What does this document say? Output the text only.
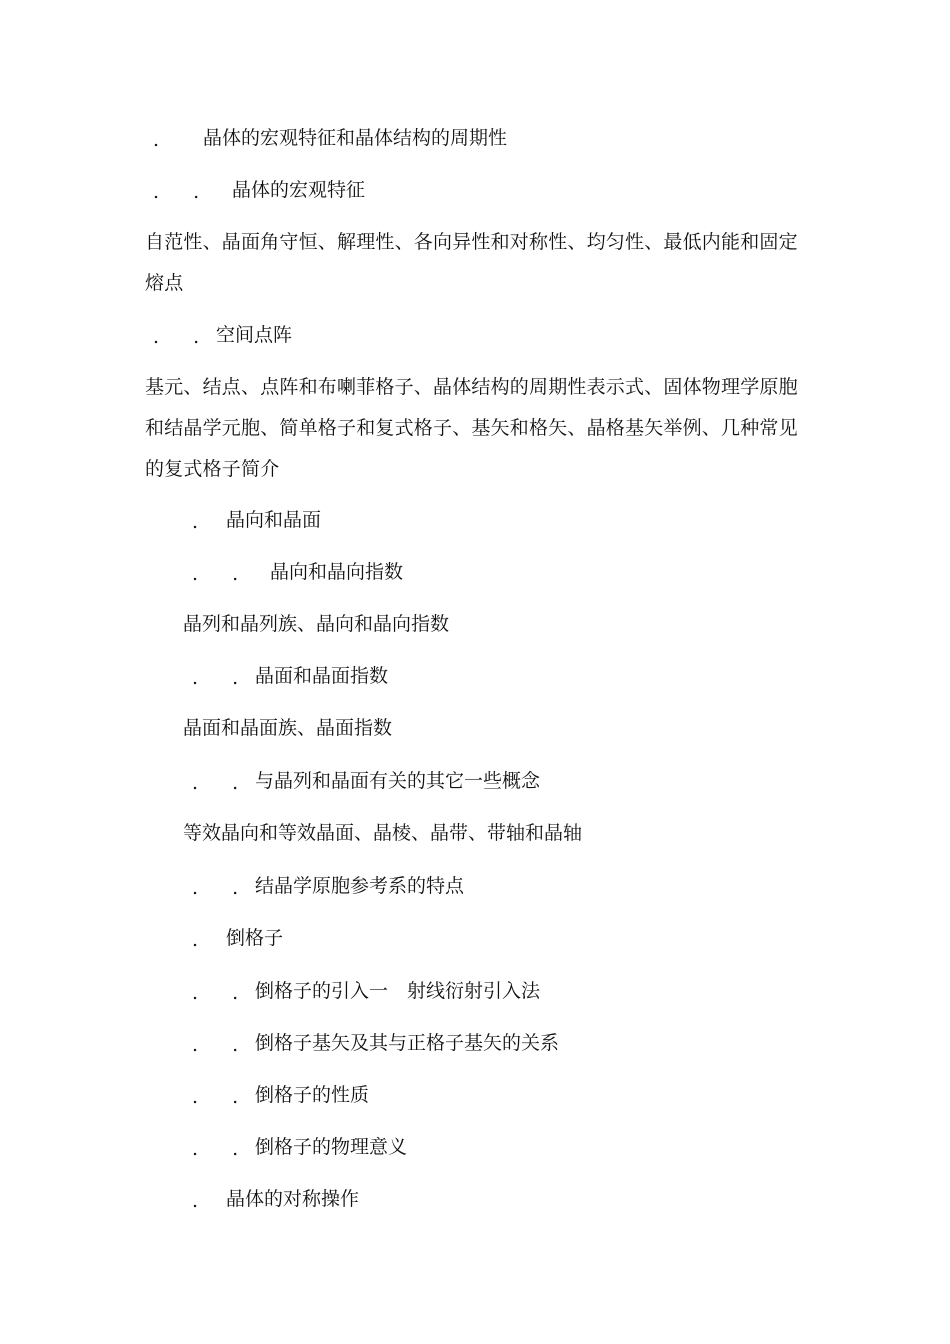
. 晶体的宏观特征和晶体结构的周期性
. . 晶体的宏观特征
自范性、晶面角守恒、解理性、各向异性和对称性、均匀性、最低内能和固定熔点
. . 空间点阵
基元、结点、点阵和布喇菲格子、晶体结构的周期性表示式、固体物理学原胞和结晶学元胞、简单格子和复式格子、基矢和格矢、晶格基矢举例、几种常见的复式格子简介
. 晶向和晶面
. . 晶向和晶向指数
晶列和晶列族、晶向和晶向指数
. . 晶面和晶面指数
晶面和晶面族、晶面指数
. . 与晶列和晶面有关的其它一些概念
等效晶向和等效晶面、晶棱、晶带、带轴和晶轴
. . 结晶学原胞参考系的特点
. 倒格子
. . 倒格子的引入一　射线衍射引入法
. . 倒格子基矢及其与正格子基矢的关系
. . 倒格子的性质
. . 倒格子的物理意义
. 晶体的对称操作
